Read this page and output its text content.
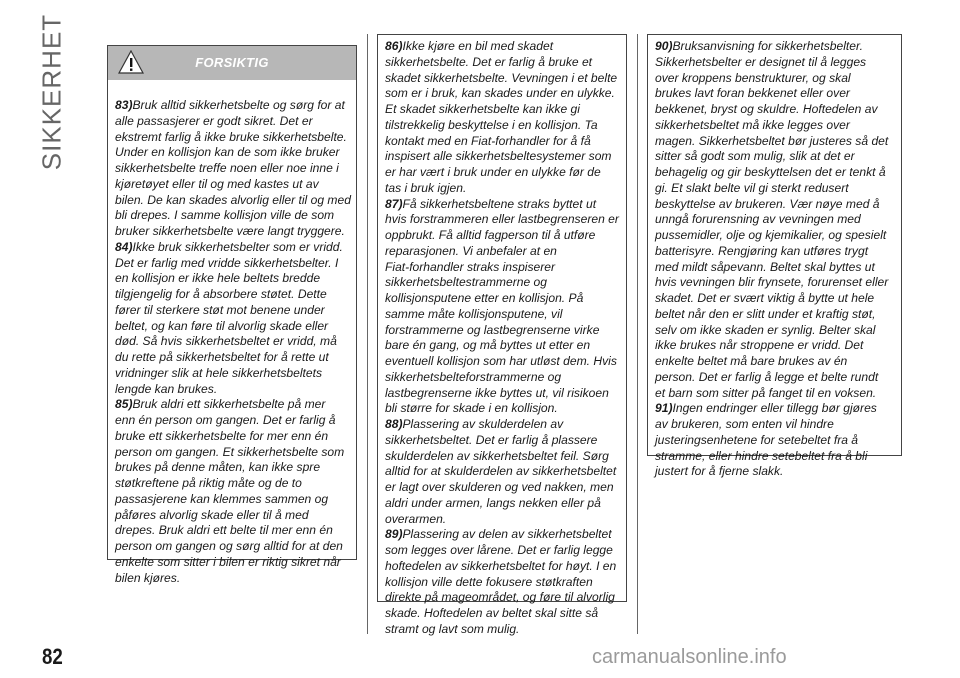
SIKKERHET	FORSIKTIG
83)Bruk alltid sikkerhetsbelte og sørg for at
alle passasjerer er godt sikret. Det er
ekstremt farlig å ikke bruke sikkerhetsbelte.
Under en kollisjon kan de som ikke bruker
sikkerhetsbelte treffe noen eller noe inne i
kjøretøyet eller til og med kastes ut av
bilen. De kan skades alvorlig eller til og med
bli drepes. I samme kollisjon ville de som
bruker sikkerhetsbelte være langt tryggere.
84)Ikke bruk sikkerhetsbelter som er vridd.
Det er farlig med vridde sikkerhetsbelter. I
en kollisjon er ikke hele beltets bredde
tilgjengelig for å absorbere støtet. Dette
fører til sterkere støt mot benene under
beltet, og kan føre til alvorlig skade eller
død. Så hvis sikkerhetsbeltet er vridd, må
du rette på sikkerhetsbeltet for å rette ut
vridninger slik at hele sikkerhetsbeltets
lengde kan brukes.
85)Bruk aldri ett sikkerhetsbelte på mer
enn én person om gangen. Det er farlig å
bruke ett sikkerhetsbelte for mer enn én
person om gangen. Et sikkerhetsbelte som
brukes på denne måten, kan ikke spre
støtkreftene på riktig måte og de to
passasjerene kan klemmes sammen og
påføres alvorlig skade eller til å med
drepes. Bruk aldri ett belte til mer enn én
person om gangen og sørg alltid for at den
enkelte som sitter i bilen er riktig sikret når
bilen kjøres.
86)Ikke kjøre en bil med skadet
sikkerhetsbelte. Det er farlig å bruke et
skadet sikkerhetsbelte. Vevningen i et belte
som er i bruk, kan skades under en ulykke.
Et skadet sikkerhetsbelte kan ikke gi
tilstrekkelig beskyttelse i en kollisjon. Ta
kontakt med en Fiat-forhandler for å få
inspisert alle sikkerhetsbeltesystemer som
er har vært i bruk under en ulykke før de
tas i bruk igjen.
87)Få sikkerhetsbeltene straks byttet ut
hvis forstrammeren eller lastbegrenseren er
oppbrukt. Få alltid fagperson til å utføre
reparasjonen. Vi anbefaler at en
Fiat-forhandler straks inspiserer
sikkerhetsbeltestrammerne og
kollisjonsputene etter en kollisjon. På
samme måte kollisjonsputene, vil
forstrammerne og lastbegrenserne virke
bare én gang, og må byttes ut etter en
eventuell kollisjon som har utløst dem. Hvis
sikkerhetsbelteforstrammerne og
lastbegrenserne ikke byttes ut, vil risikoen
bli større for skade i en kollisjon.
88)Plassering av skulderdelen av
sikkerhetsbeltet. Det er farlig å plassere
skulderdelen av sikkerhetsbeltet feil. Sørg
alltid for at skulderdelen av sikkerhetsbeltet
er lagt over skulderen og ved nakken, men
aldri under armen, langs nekken eller på
overarmen.
89)Plassering av delen av sikkerhetsbeltet
som legges over lårene. Det er farlig legge
hoftedelen av sikkerhetsbeltet for høyt. I en
kollisjon ville dette fokusere støtkraften
direkte på mageområdet, og føre til alvorlig
skade. Hoftedelen av beltet skal sitte så
stramt og lavt som mulig.
90)Bruksanvisning for sikkerhetsbelter.
Sikkerhetsbelter er designet til å legges
over kroppens benstrukturer, og skal
brukes lavt foran bekkenet eller over
bekkenet, bryst og skuldre. Hoftedelen av
sikkerhetsbeltet må ikke legges over
magen. Sikkerhetsbeltet bør justeres så det
sitter så godt som mulig, slik at det er
behagelig og gir beskyttelsen det er tenkt å
gi. Et slakt belte vil gi sterkt redusert
beskyttelse av brukeren. Vær nøye med å
unngå forurensning av vevningen med
pussemidler, olje og kjemikalier, og spesielt
batterisyre. Rengjøring kan utføres trygt
med mildt såpevann. Beltet skal byttes ut
hvis vevningen blir frynsete, forurenset eller
skadet. Det er svært viktig å bytte ut hele
beltet når den er slitt under et kraftig støt,
selv om ikke skaden er synlig. Belter skal
ikke brukes når stroppene er vridd. Det
enkelte beltet må bare brukes av én
person. Det er farlig å legge et belte rundt
et barn som sitter på fanget til en voksen.
91)Ingen endringer eller tillegg bør gjøres
av brukeren, som enten vil hindre
justeringsenhetene for setebeltet fra å
stramme, eller hindre setebeltet fra å bli
justert for å fjerne slakk.
82	carmanualsonline.info
